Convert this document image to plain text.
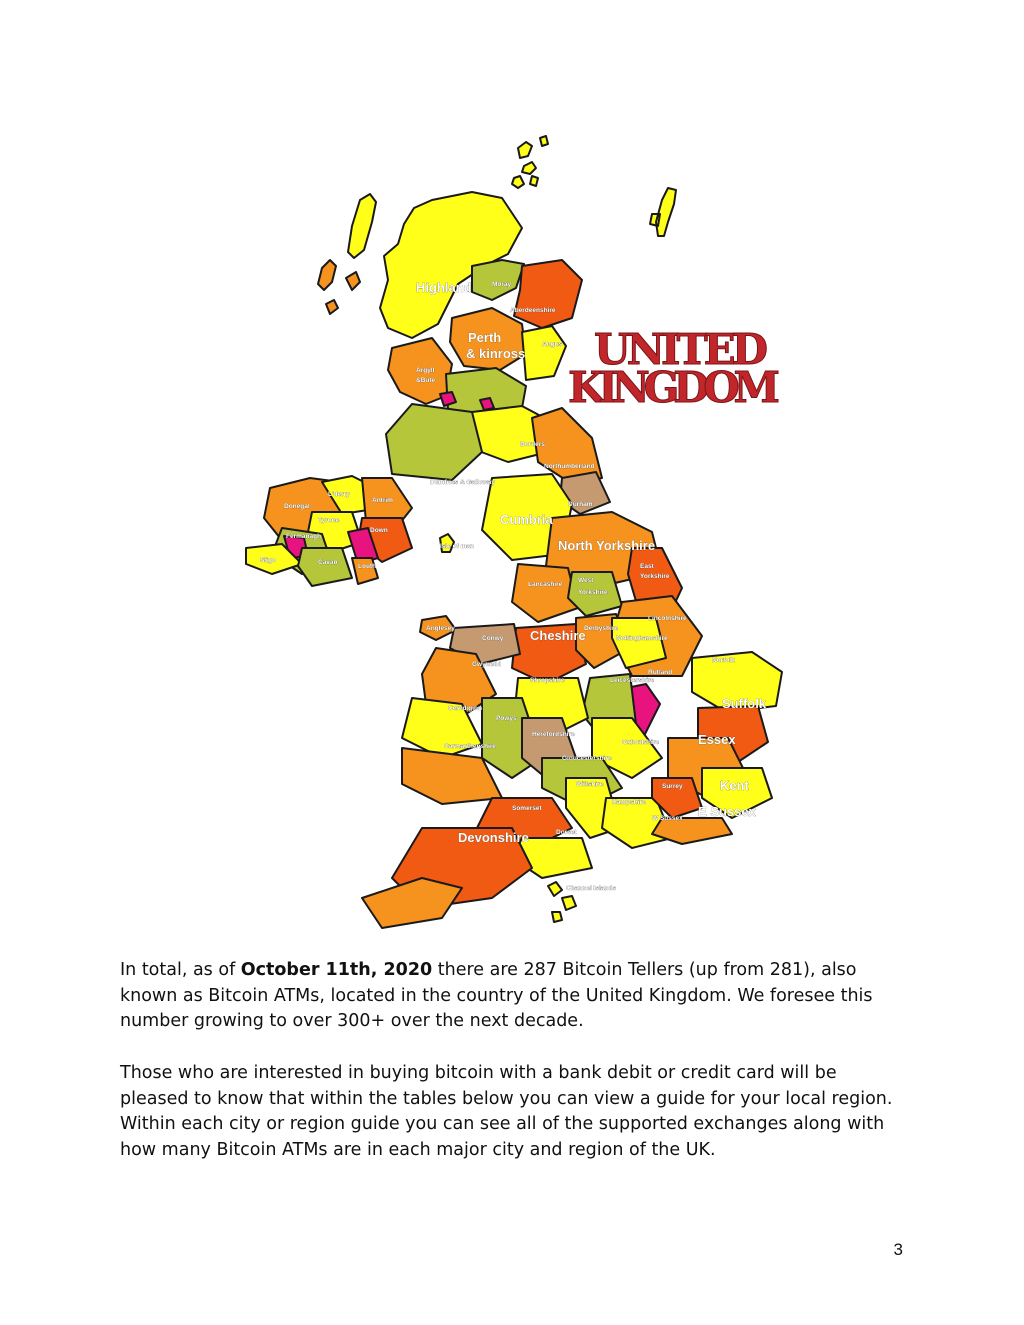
UNITED
KINGDOM
Highland	Moray
Aberdeenshire
Perth
& kinross
Angus
Argyll
&Bute
Borders
Northumberland
Dumfries & Galloway
Durham
Cumbria
North Yorkshire
Isle of man
East
Yorkshire
Lancashire
West
Yorkshire
Lincolnshire
Anglesey
Conwy Cheshire
Derbyshire
Nottinghamshire
Norfolk
Gwynedd
Shropshire
Rutland
Leicestershire
Suffolk
Ceredigion
Powys
Herefordshire
Oxfordshire	Essex
Carmarthenshire
Gloucestershire
Wiltshire	Surrey	Kent
Hampshire
Somerset
W Sussex E Sussex
Devonshire	Dorset
Channel Islands
L'derry
Antrim
Donegal
Tyrone
Fermanagh
Down
Sligo	Cavan
Louth

In total, as of October 11th, 2020 there are 287 Bitcoin Tellers (up from 281), also known as Bitcoin ATMs, located in the country of the United Kingdom. We foresee this number growing to over 300+ over the next decade.

Those who are interested in buying bitcoin with a bank debit or credit card will be pleased to know that within the tables below you can view a guide for your local region. Within each city or region guide you can see all of the supported exchanges along with how many Bitcoin ATMs are in each major city and region of the UK.

3
